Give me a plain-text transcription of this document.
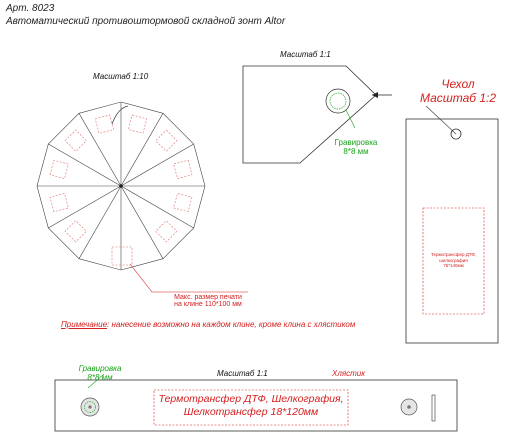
Арт. 8023
Автоматический противоштормовой складной зонт Altor
Масштаб 1:10
Макс. размер печати
на клине 110*100 мм
Масштаб 1:1
Гравировка
8*8 мм
Чехол
Масштаб 1:2
Термотрансфер ДТФ,
шелкография
75*140мм
Примечание: нанесение возможно на каждом клине, кроме клина с хлястиком
Масштаб 1:1	Хлястик
Гравировка
8*8 мм
Термотрансфер ДТФ, Шелкография,
Шелкотрансфер 18*120мм
